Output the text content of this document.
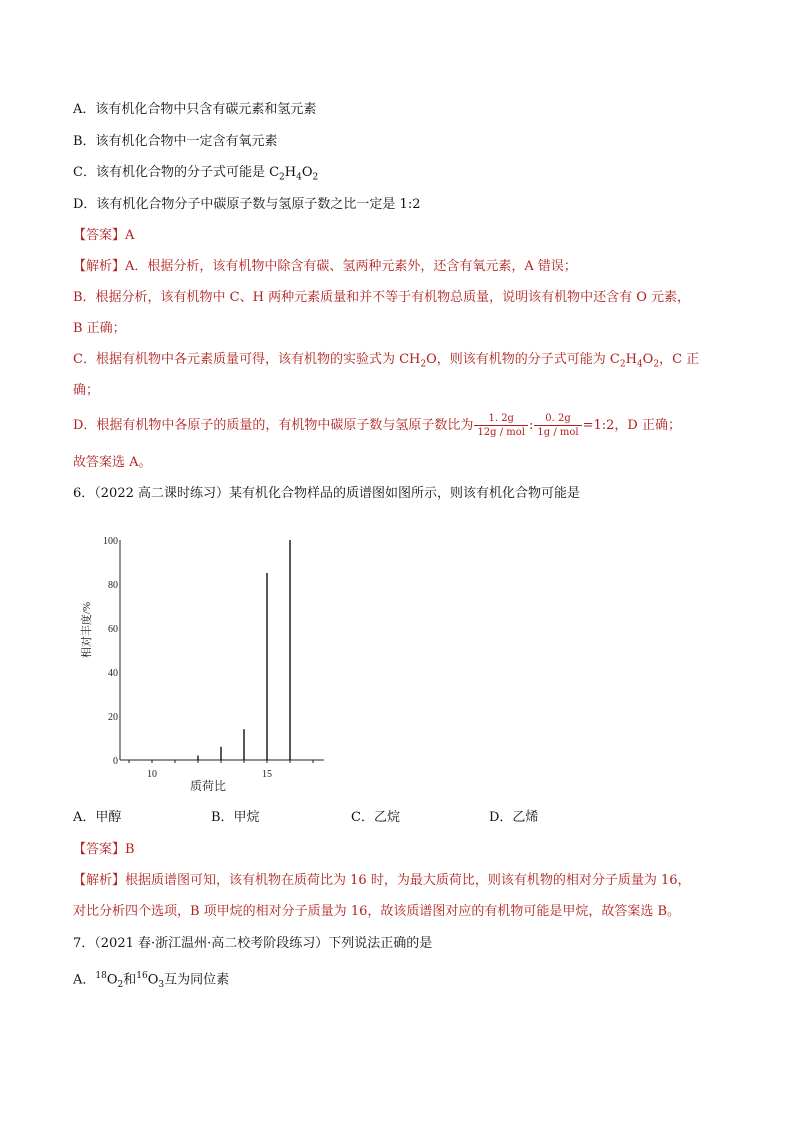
A．该有机化合物中只含有碳元素和氢元素
B．该有机化合物中一定含有氧元素
C．该有机化合物的分子式可能是 $C_2H_4O_2$
D．该有机化合物分子中碳原子数与氢原子数之比一定是 1:2
【答案】A
【解析】A．根据分析，该有机物中除含有碳、氢两种元素外，还含有氧元素，A 错误；
B．根据分析，该有机物中 C、H 两种元素质量和并不等于有机物总质量，说明该有机物中还含有 O 元素，
B 正确；
C．根据有机物中各元素质量可得，该有机物的实验式为 $CH_2O$，则该有机物的分子式可能为 $C_2H_4O_2$，C 正
确；
D．根据有机物中各原子的质量的，有机物中碳原子数与氢原子数比为 $\frac{1. 2g}{\text{12g / mol}}$ : $\frac{0. 2g}{\text{1g / mol}}$ =1:2，D 正确；
故答案选 A。
6．（2022 高二课时练习）某有机化合物样品的质谱图如图所示，则该有机化合物可能是
100
80
60
40
20
0
10	15
质荷比
相对丰度/%
A．甲醇	B．甲烷	C．乙烷	D．乙烯
【答案】B
【解析】根据质谱图可知，该有机物在质荷比为 16 时，为最大质荷比，则该有机物的相对分子质量为 16，
对比分析四个选项，B 项甲烷的相对分子质量为 16，故该质谱图对应的有机物可能是甲烷，故答案选 B。
7．（2021 春·浙江温州·高二校考阶段练习）下列说法正确的是
A．$^{18}O_2$和$^{16}O_3$互为同位素
